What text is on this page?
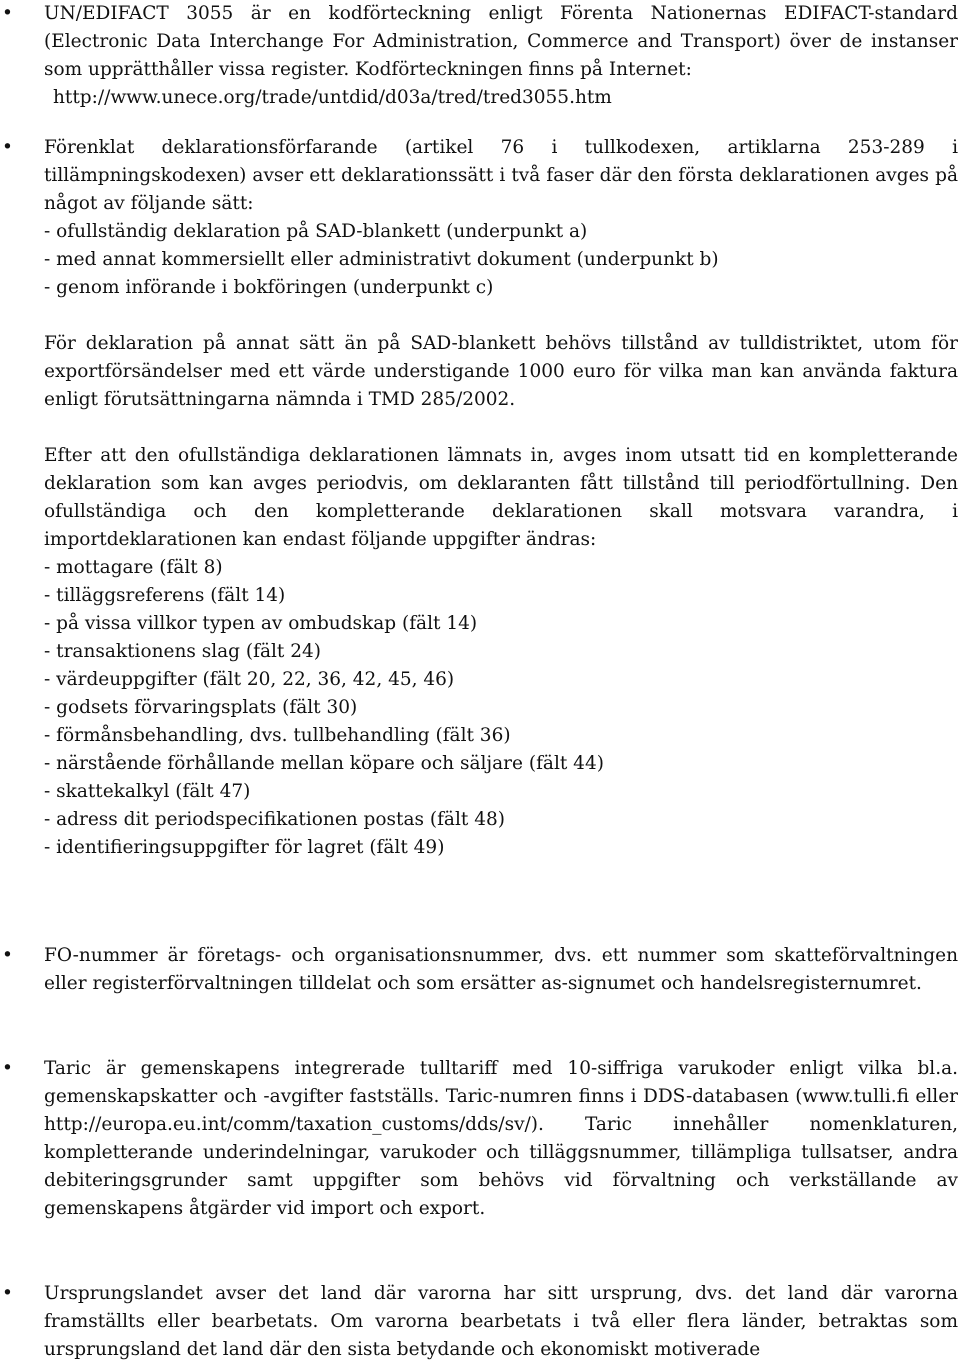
•	UN/EDIFACT 3055 är en kodförteckning enligt Förenta Nationernas EDIFACT-standard (Electronic Data Interchange For Administration, Commerce and Transport) över de instanser som upprätthåller vissa register. Kodförteckningen finns på Internet:
http://www.unece.org/trade/untdid/d03a/tred/tred3055.htm

•	Förenklat deklarationsförfarande (artikel 76 i tullkodexen, artiklarna 253-289 i tillämpningskodexen) avser ett deklarationssätt i två faser där den första deklarationen avges på något av följande sätt:

- ofullständig deklaration på SAD-blankett (underpunkt a)
- med annat kommersiellt eller administrativt dokument (underpunkt b)
- genom införande i bokföringen (underpunkt c)

För deklaration på annat sätt än på SAD-blankett behövs tillstånd av tulldistriktet, utom för exportförsändelser med ett värde understigande 1000 euro för vilka man kan använda faktura enligt förutsättningarna nämnda i TMD 285/2002.

Efter att den ofullständiga deklarationen lämnats in, avges inom utsatt tid en kompletterande deklaration som kan avges periodvis, om deklaranten fått tillstånd till periodförtullning. Den ofullständiga och den kompletterande deklarationen skall motsvara varandra, i importdeklarationen kan endast följande uppgifter ändras:

- mottagare (fält 8)
- tilläggsreferens (fält 14)
- på vissa villkor typen av ombudskap (fält 14)
- transaktionens slag (fält 24)
- värdeuppgifter (fält 20, 22, 36, 42, 45, 46)
- godsets förvaringsplats (fält 30)
- förmånsbehandling, dvs. tullbehandling (fält 36)
- närstående förhållande mellan köpare och säljare (fält 44)
- skattekalkyl (fält 47)
- adress dit periodspecifikationen postas (fält 48)
- identifieringsuppgifter för lagret (fält 49)
•	FO-nummer är företags- och organisationsnummer, dvs. ett nummer som skatteförvaltningen eller registerförvaltningen tilldelat och som ersätter as-signumet och handelsregisternumret.

•	Taric är gemenskapens integrerade tulltariff med 10-siffriga varukoder enligt vilka bl.a. gemenskapskatter och -avgifter fastställs. Taric-numren finns i DDS-databasen (www.tulli.fi eller http://europa.eu.int/comm/taxation_customs/dds/sv/). Taric innehåller nomenklaturen, kompletterande underindelningar, varukoder och tilläggsnummer, tillämpliga tullsatser, andra debiteringsgrunder samt uppgifter som behövs vid förvaltning och verkställande av gemenskapens åtgärder vid import och export.

•	Ursprungslandet avser det land där varorna har sitt ursprung, dvs. det land där varorna framställts eller bearbetats. Om varorna bearbetats i två eller flera länder, betraktas som ursprungsland det land där den sista betydande och ekonomiskt motiverade
